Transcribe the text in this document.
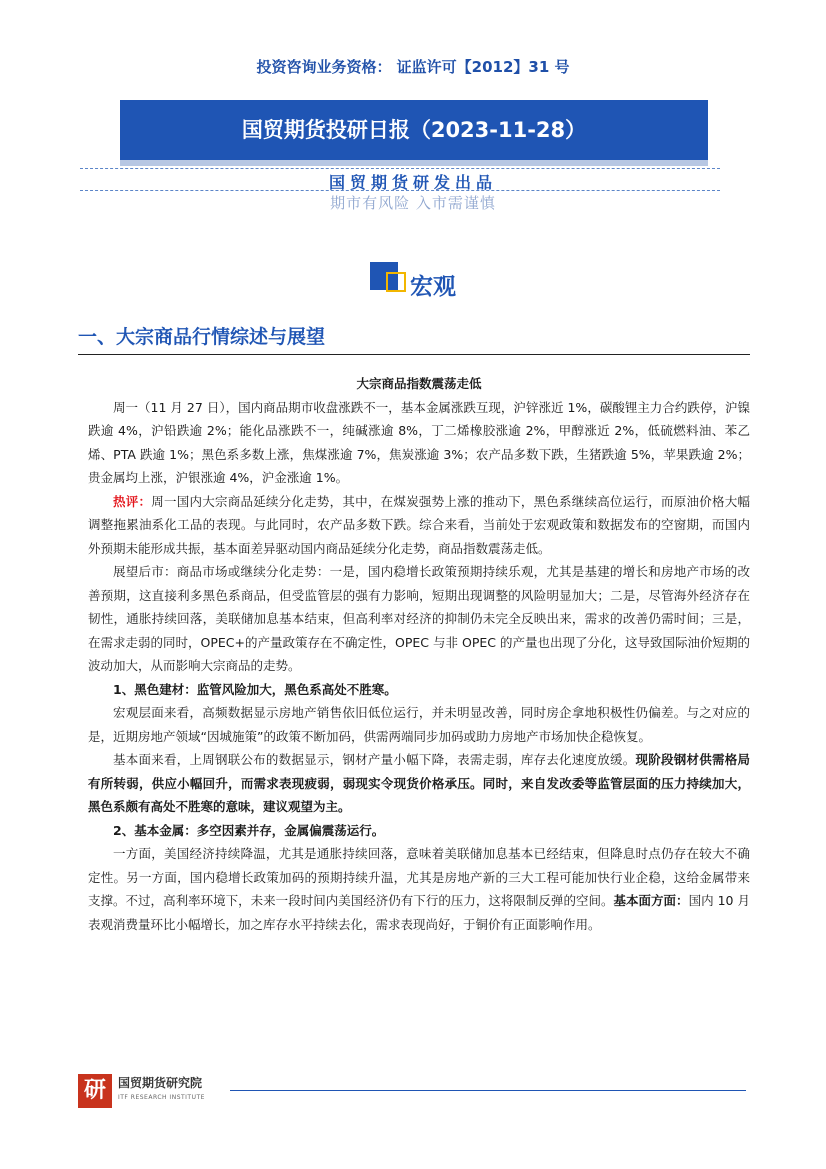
投资咨询业务资格： 证监许可【2012】31 号
国贸期货投研日报（2023-11-28）
国贸期货研发出品
期市有风险 入市需谨慎
宏观
一、大宗商品行情综述与展望

大宗商品指数震荡走低

周一（11 月 27 日），国内商品期市收盘涨跌不一，基本金属涨跌互现，沪锌涨近 1%，碳酸锂主力合约跌停，沪镍跌逾 4%，沪铅跌逾 2%；能化品涨跌不一，纯碱涨逾 8%，丁二烯橡胶涨逾 2%，甲醇涨近 2%，低硫燃料油、苯乙烯、PTA 跌逾 1%；黑色系多数上涨，焦煤涨逾 7%，焦炭涨逾 3%；农产品多数下跌，生猪跌逾 5%，苹果跌逾 2%；贵金属均上涨，沪银涨逾 4%，沪金涨逾 1%。

热评：周一国内大宗商品延续分化走势，其中，在煤炭强势上涨的推动下，黑色系继续高位运行，而原油价格大幅调整拖累油系化工品的表现。与此同时，农产品多数下跌。综合来看，当前处于宏观政策和数据发布的空窗期，而国内外预期未能形成共振，基本面差异驱动国内商品延续分化走势，商品指数震荡走低。

展望后市：商品市场或继续分化走势：一是，国内稳增长政策预期持续乐观，尤其是基建的增长和房地产市场的改善预期，这直接利多黑色系商品，但受监管层的强有力影响，短期出现调整的风险明显加大；二是，尽管海外经济存在韧性，通胀持续回落，美联储加息基本结束，但高利率对经济的抑制仍未完全反映出来，需求的改善仍需时间；三是，在需求走弱的同时，OPEC+的产量政策存在不确定性，OPEC 与非 OPEC 的产量也出现了分化，这导致国际油价短期的波动加大，从而影响大宗商品的走势。

1、黑色建材：监管风险加大，黑色系高处不胜寒。

宏观层面来看，高频数据显示房地产销售依旧低位运行，并未明显改善，同时房企拿地积极性仍偏差。与之对应的是，近期房地产领域“因城施策”的政策不断加码，供需两端同步加码或助力房地产市场加快企稳恢复。

基本面来看，上周钢联公布的数据显示，钢材产量小幅下降，表需走弱，库存去化速度放缓。现阶段钢材供需格局有所转弱，供应小幅回升，而需求表现疲弱，弱现实令现货价格承压。同时，来自发改委等监管层面的压力持续加大，黑色系颇有高处不胜寒的意味，建议观望为主。

2、基本金属：多空因素并存，金属偏震荡运行。

一方面，美国经济持续降温，尤其是通胀持续回落，意味着美联储加息基本已经结束，但降息时点仍存在较大不确定性。另一方面，国内稳增长政策加码的预期持续升温，尤其是房地产新的三大工程可能加快行业企稳，这给金属带来支撑。不过，高利率环境下，未来一段时间内美国经济仍有下行的压力，这将限制反弹的空间。基本面方面：国内 10 月表观消费量环比小幅增长，加之库存水平持续去化，需求表现尚好，于铜价有正面影响作用。

研	国贸期货研究院
ITF RESEARCH INSTITUTE
